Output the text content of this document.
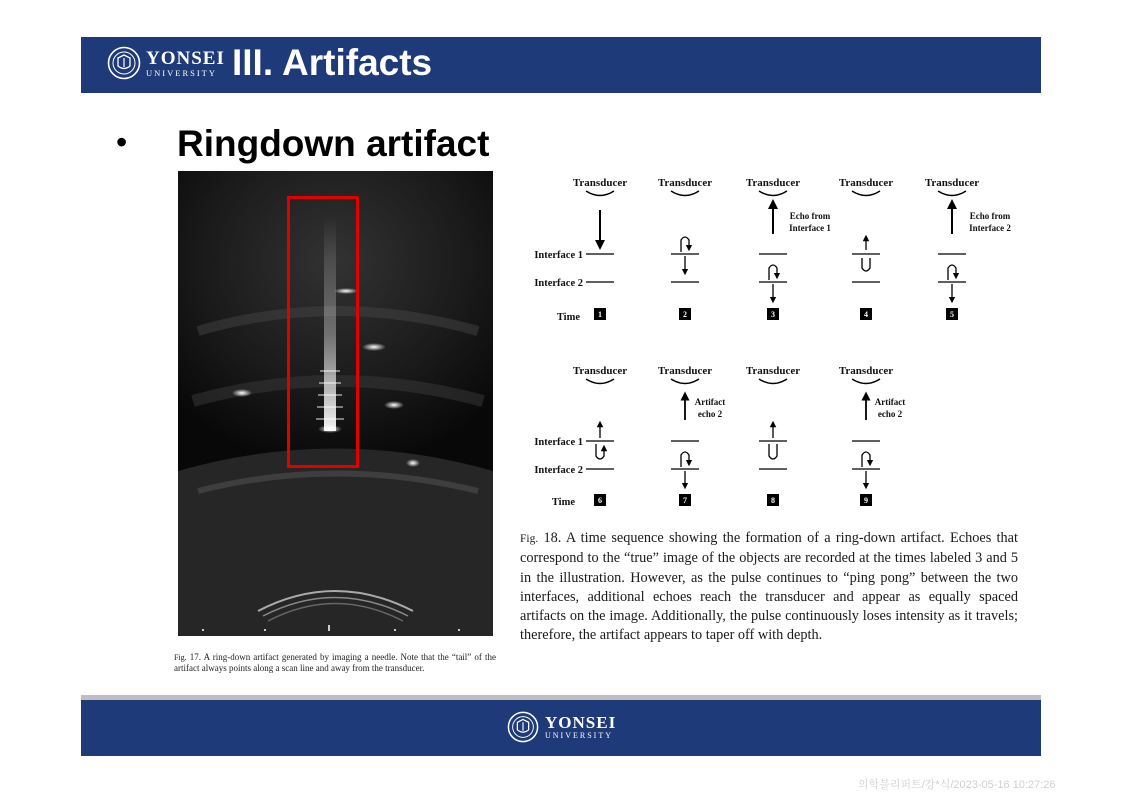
YONSEI
UNIVERSITY III. Artifacts
• Ringdown artifact
Fig. 17. A ring-down artifact generated by imaging a needle. Note that the “tail” of the artifact always points along a scan line and away from the transducer.
Transducer	Transducer	Transducer	Transducer	Transducer
Transducer	Transducer	Transducer	Transducer
Interface 1
Interface 2
Time
Interface 1
Interface 2
Time
Echo from
Interface 1
Echo from
Interface 2
Artifact
echo 2
Artifact
echo 2
1	2	3	4	5
6	7	8	9
Fig. 18. A time sequence showing the formation of a ring-down artifact. Echoes that correspond to the “true” image of the objects are recorded at the times labeled 3 and 5 in the illustration. However, as the pulse continues to “ping pong” between the two interfaces, additional echoes reach the transducer and appear as equally spaced artifacts on the image. Additionally, the pulse continuously loses intensity as it travels; therefore, the artifact appears to taper off with depth.
YONSEI
UNIVERSITY
의학블리퍼트/강*식/2023-05-16 10:27:26
